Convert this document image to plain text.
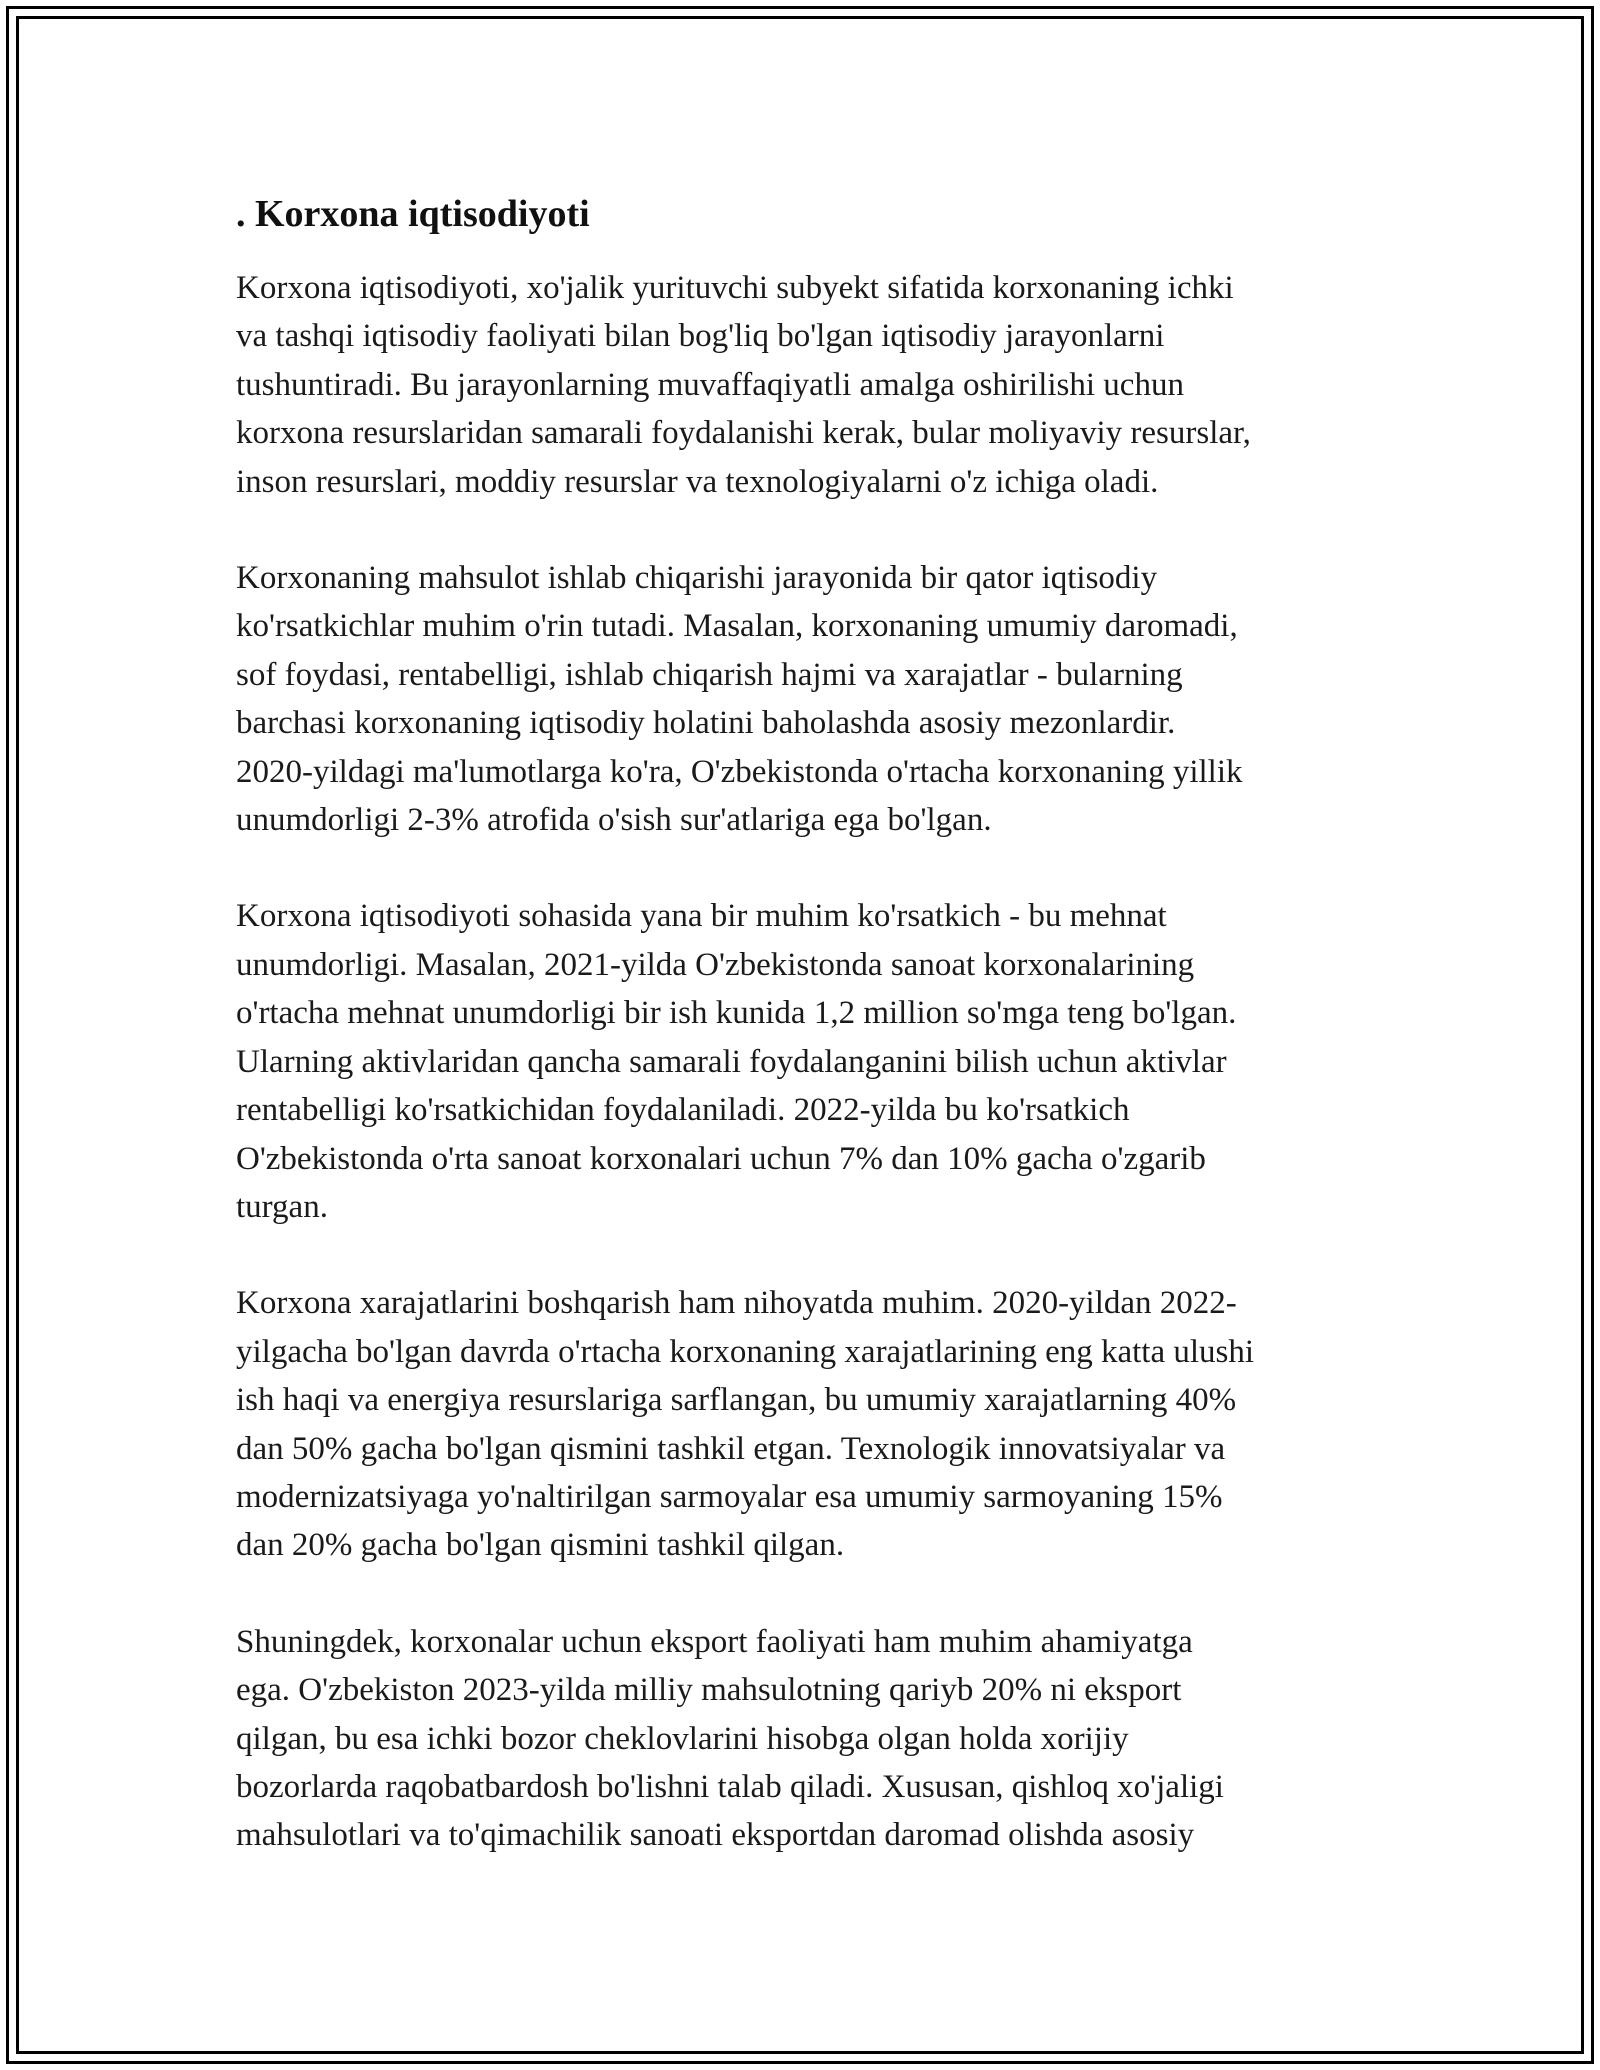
. Korxona iqtisodiyoti

Korxona iqtisodiyoti, xo'jalik yurituvchi subyekt sifatida korxonaning ichki
va tashqi iqtisodiy faoliyati bilan bog'liq bo'lgan iqtisodiy jarayonlarni
tushuntiradi. Bu jarayonlarning muvaffaqiyatli amalga oshirilishi uchun
korxona resurslaridan samarali foydalanishi kerak, bular moliyaviy resurslar,
inson resurslari, moddiy resurslar va texnologiyalarni o'z ichiga oladi.

Korxonaning mahsulot ishlab chiqarishi jarayonida bir qator iqtisodiy
ko'rsatkichlar muhim o'rin tutadi. Masalan, korxonaning umumiy daromadi,
sof foydasi, rentabelligi, ishlab chiqarish hajmi va xarajatlar - bularning
barchasi korxonaning iqtisodiy holatini baholashda asosiy mezonlardir.
2020-yildagi ma'lumotlarga ko'ra, O'zbekistonda o'rtacha korxonaning yillik
unumdorligi 2-3% atrofida o'sish sur'atlariga ega bo'lgan.

Korxona iqtisodiyoti sohasida yana bir muhim ko'rsatkich - bu mehnat
unumdorligi. Masalan, 2021-yilda O'zbekistonda sanoat korxonalarining
o'rtacha mehnat unumdorligi bir ish kunida 1,2 million so'mga teng bo'lgan.
Ularning aktivlaridan qancha samarali foydalanganini bilish uchun aktivlar
rentabelligi ko'rsatkichidan foydalaniladi. 2022-yilda bu ko'rsatkich
O'zbekistonda o'rta sanoat korxonalari uchun 7% dan 10% gacha o'zgarib
turgan.

Korxona xarajatlarini boshqarish ham nihoyatda muhim. 2020-yildan 2022-
yilgacha bo'lgan davrda o'rtacha korxonaning xarajatlarining eng katta ulushi
ish haqi va energiya resurslariga sarflangan, bu umumiy xarajatlarning 40%
dan 50% gacha bo'lgan qismini tashkil etgan. Texnologik innovatsiyalar va
modernizatsiyaga yo'naltirilgan sarmoyalar esa umumiy sarmoyaning 15%
dan 20% gacha bo'lgan qismini tashkil qilgan.

Shuningdek, korxonalar uchun eksport faoliyati ham muhim ahamiyatga
ega. O'zbekiston 2023-yilda milliy mahsulotning qariyb 20% ni eksport
qilgan, bu esa ichki bozor cheklovlarini hisobga olgan holda xorijiy
bozorlarda raqobatbardosh bo'lishni talab qiladi. Xususan, qishloq xo'jaligi
mahsulotlari va to'qimachilik sanoati eksportdan daromad olishda asosiy
